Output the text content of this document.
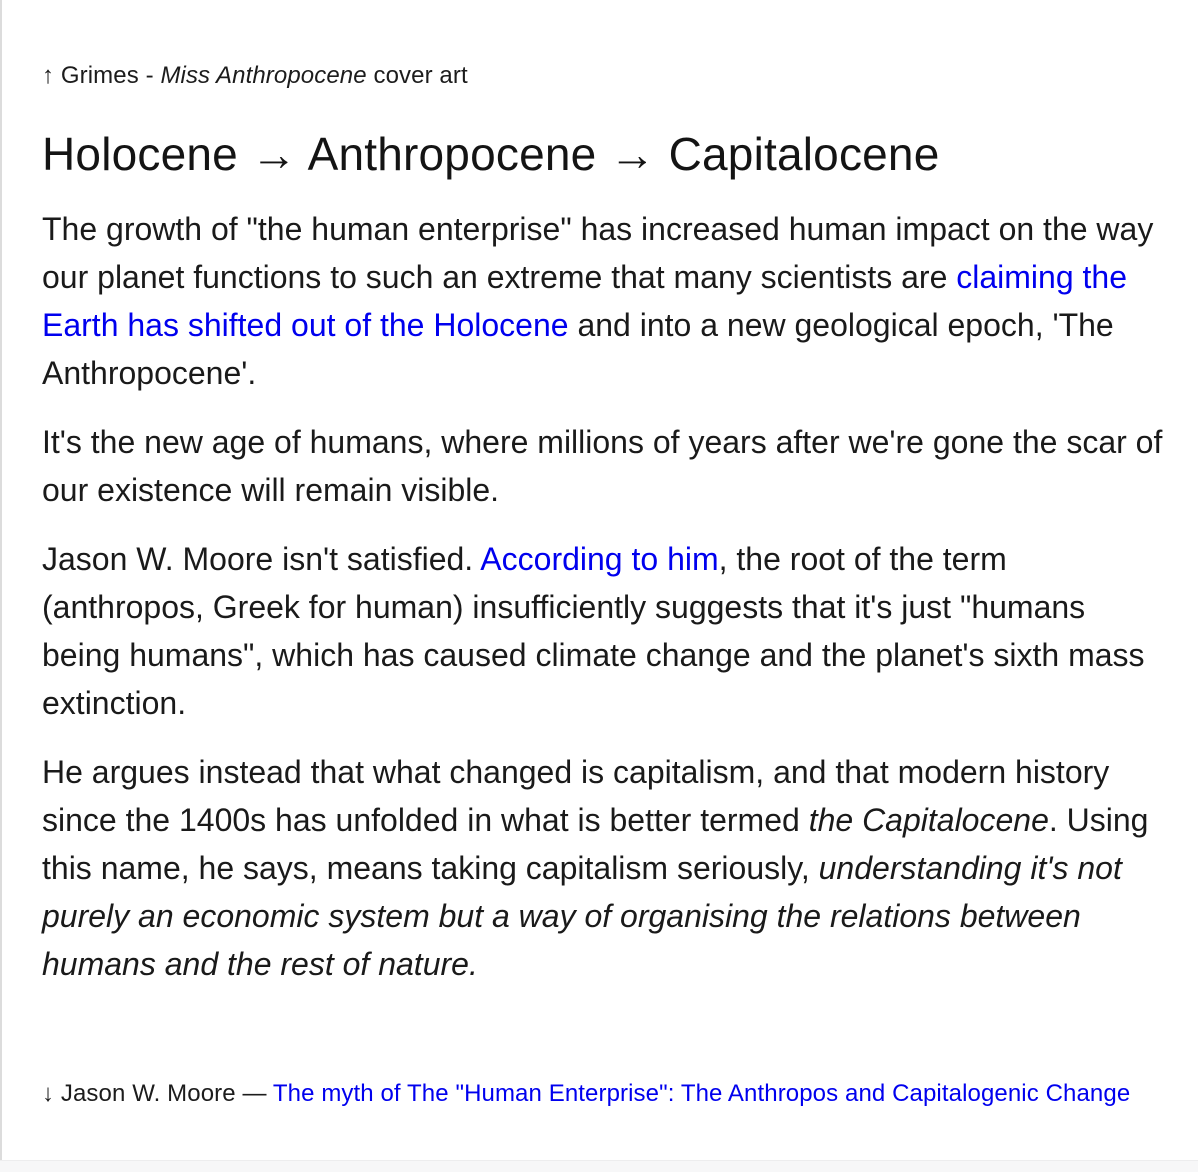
↑ Grimes - Miss Anthropocene cover art
Holocene → Anthropocene → Capitalocene

The growth of "the human enterprise" has increased human impact on the way our planet functions to such an extreme that many scientists are claiming the Earth has shifted out of the Holocene and into a new geological epoch, 'The Anthropocene'.

It's the new age of humans, where millions of years after we're gone the scar of our existence will remain visible.

Jason W. Moore isn't satisfied. According to him, the root of the term (anthropos, Greek for human) insufficiently suggests that it's just "humans being humans", which has caused climate change and the planet's sixth mass extinction.

He argues instead that what changed is capitalism, and that modern history since the 1400s has unfolded in what is better termed the Capitalocene. Using this name, he says, means taking capitalism seriously, understanding it's not purely an economic system but a way of organising the relations between humans and the rest of nature.

↓ Jason W. Moore — The myth of The "Human Enterprise": The Anthropos and Capitalogenic Change
